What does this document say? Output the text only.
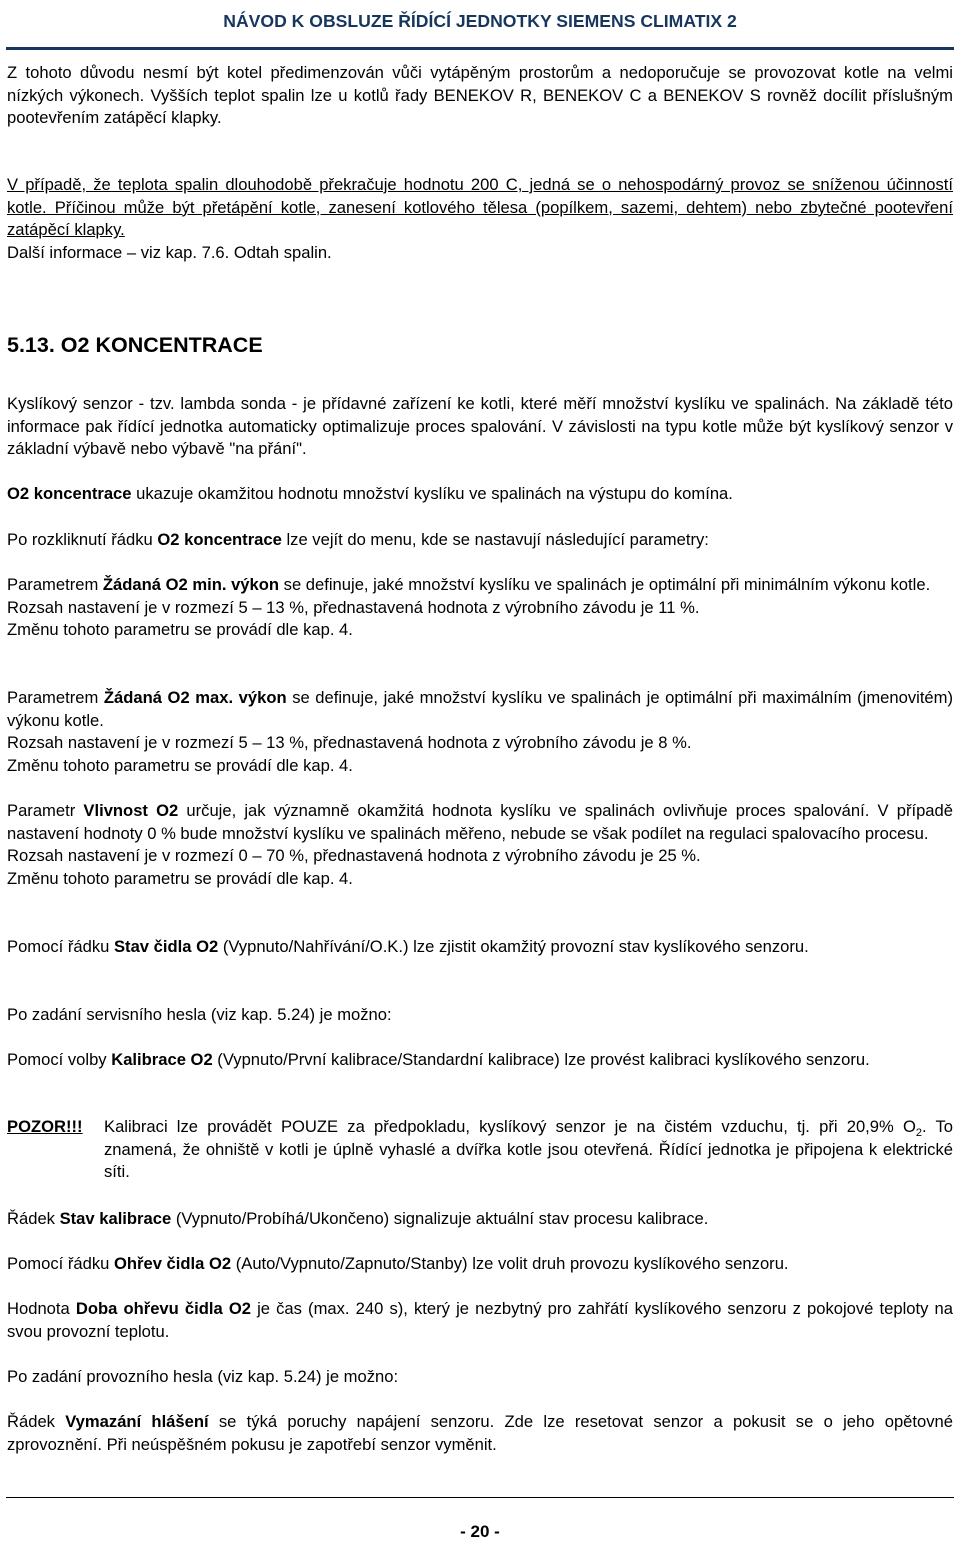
NÁVOD K OBSLUZE ŘÍDÍCÍ JEDNOTKY SIEMENS CLIMATIX 2

Z tohoto důvodu nesmí být kotel předimenzován vůči vytápěným prostorům a nedoporučuje se provozovat kotle na velmi nízkých výkonech. Vyšších teplot spalin lze u kotlů řady BENEKOV R, BENEKOV C a BENEKOV S rovněž docílit příslušným pootevřením zatápěcí klapky.

V případě, že teplota spalin dlouhodobě překračuje hodnotu 200 C, jedná se o nehospodárný provoz se sníženou účinností kotle. Příčinou může být přetápění kotle, zanesení kotlového tělesa (popílkem, sazemi, dehtem) nebo zbytečné pootevření zatápěcí klapky.
Další informace – viz kap. 7.6. Odtah spalin.

5.13. O2 KONCENTRACE

Kyslíkový senzor - tzv. lambda sonda - je přídavné zařízení ke kotli, které měří množství kyslíku ve spalinách. Na základě této informace pak řídící jednotka automaticky optimalizuje proces spalování. V závislosti na typu kotle může být kyslíkový senzor v základní výbavě nebo výbavě "na přání".

O2 koncentrace ukazuje okamžitou hodnotu množství kyslíku ve spalinách na výstupu do komína.

Po rozkliknutí řádku O2 koncentrace lze vejít do menu, kde se nastavují následující parametry:

Parametrem Žádaná O2 min. výkon se definuje, jaké množství kyslíku ve spalinách je optimální při minimálním výkonu kotle.
Rozsah nastavení je v rozmezí 5 – 13 %, přednastavená hodnota z výrobního závodu je 11 %.
Změnu tohoto parametru se provádí dle kap. 4.

Parametrem Žádaná O2 max. výkon se definuje, jaké množství kyslíku ve spalinách je optimální při maximálním (jmenovitém) výkonu kotle.
Rozsah nastavení je v rozmezí 5 – 13 %, přednastavená hodnota z výrobního závodu je 8 %.
Změnu tohoto parametru se provádí dle kap. 4.

Parametr Vlivnost O2 určuje, jak významně okamžitá hodnota kyslíku ve spalinách ovlivňuje proces spalování. V případě nastavení hodnoty 0 % bude množství kyslíku ve spalinách měřeno, nebude se však podílet na regulaci spalovacího procesu.
Rozsah nastavení je v rozmezí 0 – 70 %, přednastavená hodnota z výrobního závodu je 25 %.
Změnu tohoto parametru se provádí dle kap. 4.

Pomocí řádku Stav čidla O2 (Vypnuto/Nahřívání/O.K.) lze zjistit okamžitý provozní stav kyslíkového senzoru.

Po zadání servisního hesla (viz kap. 5.24) je možno:

Pomocí volby Kalibrace O2 (Vypnuto/První kalibrace/Standardní kalibrace) lze provést kalibraci kyslíkového senzoru.

POZOR!!! Kalibraci lze provádět POUZE za předpokladu, kyslíkový senzor je na čistém vzduchu, tj. při 20,9% $O_2$. To znamená, že ohniště v kotli je úplně vyhaslé a dvířka kotle jsou otevřená. Řídící jednotka je připojena k elektrické síti.

Řádek Stav kalibrace (Vypnuto/Probíhá/Ukončeno) signalizuje aktuální stav procesu kalibrace.

Pomocí řádku Ohřev čidla O2 (Auto/Vypnuto/Zapnuto/Stanby) lze volit druh provozu kyslíkového senzoru.

Hodnota Doba ohřevu čidla O2 je čas (max. 240 s), který je nezbytný pro zahřátí kyslíkového senzoru z pokojové teploty na svou provozní teplotu.

Po zadání provozního hesla (viz kap. 5.24) je možno:

Řádek Vymazání hlášení se týká poruchy napájení senzoru. Zde lze resetovat senzor a pokusit se o jeho opětovné zprovoznění. Při neúspěšném pokusu je zapotřebí senzor vyměnit.

- 20 -
